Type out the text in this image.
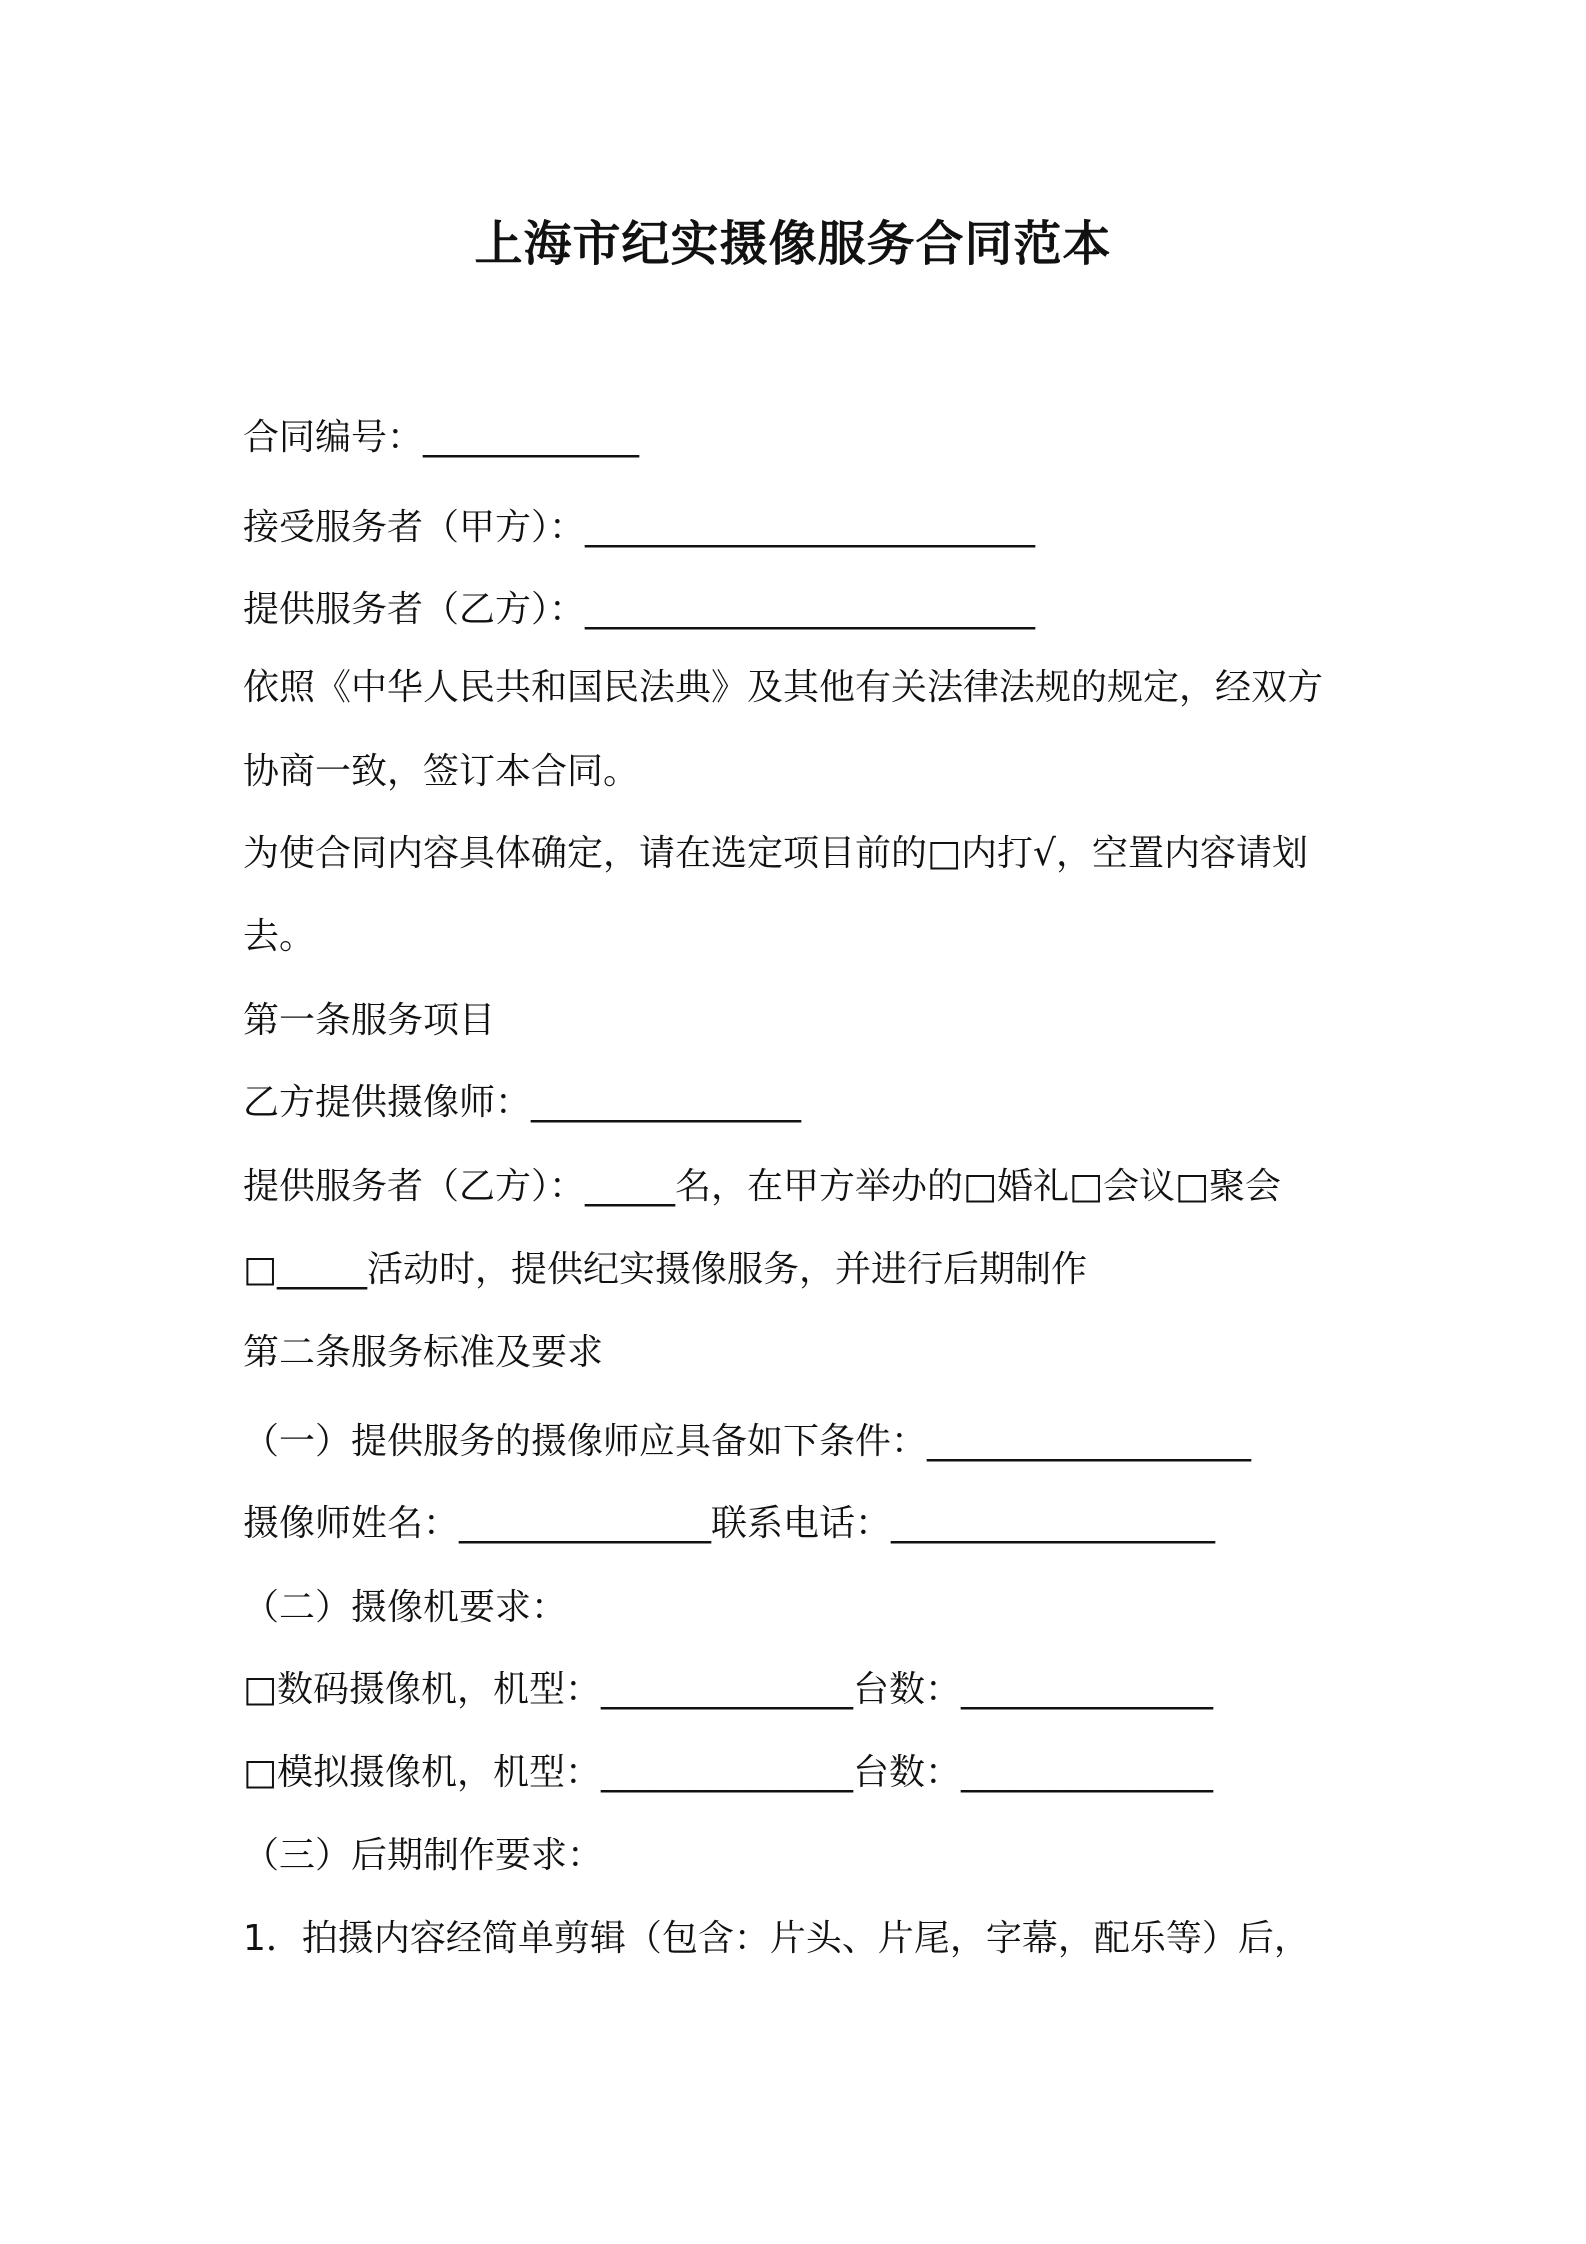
上海市纪实摄像服务合同范本
合同编号：____________
接受服务者（甲方）：_________________________
提供服务者（乙方）：_________________________
依照《中华人民共和国民法典》及其他有关法律法规的规定，经双方
协商一致，签订本合同。
为使合同内容具体确定，请在选定项目前的□内打√，空置内容请划
去。
第一条服务项目
乙方提供摄像师：_______________
提供服务者（乙方）：_____名，在甲方举办的□婚礼□会议□聚会
□_____活动时，提供纪实摄像服务，并进行后期制作
第二条服务标准及要求
（一）提供服务的摄像师应具备如下条件：__________________
摄像师姓名：______________联系电话：__________________
（二）摄像机要求：
□数码摄像机，机型：______________台数：______________
□模拟摄像机，机型：______________台数：______________
（三）后期制作要求：
1．拍摄内容经简单剪辑（包含：片头、片尾，字幕，配乐等）后，
